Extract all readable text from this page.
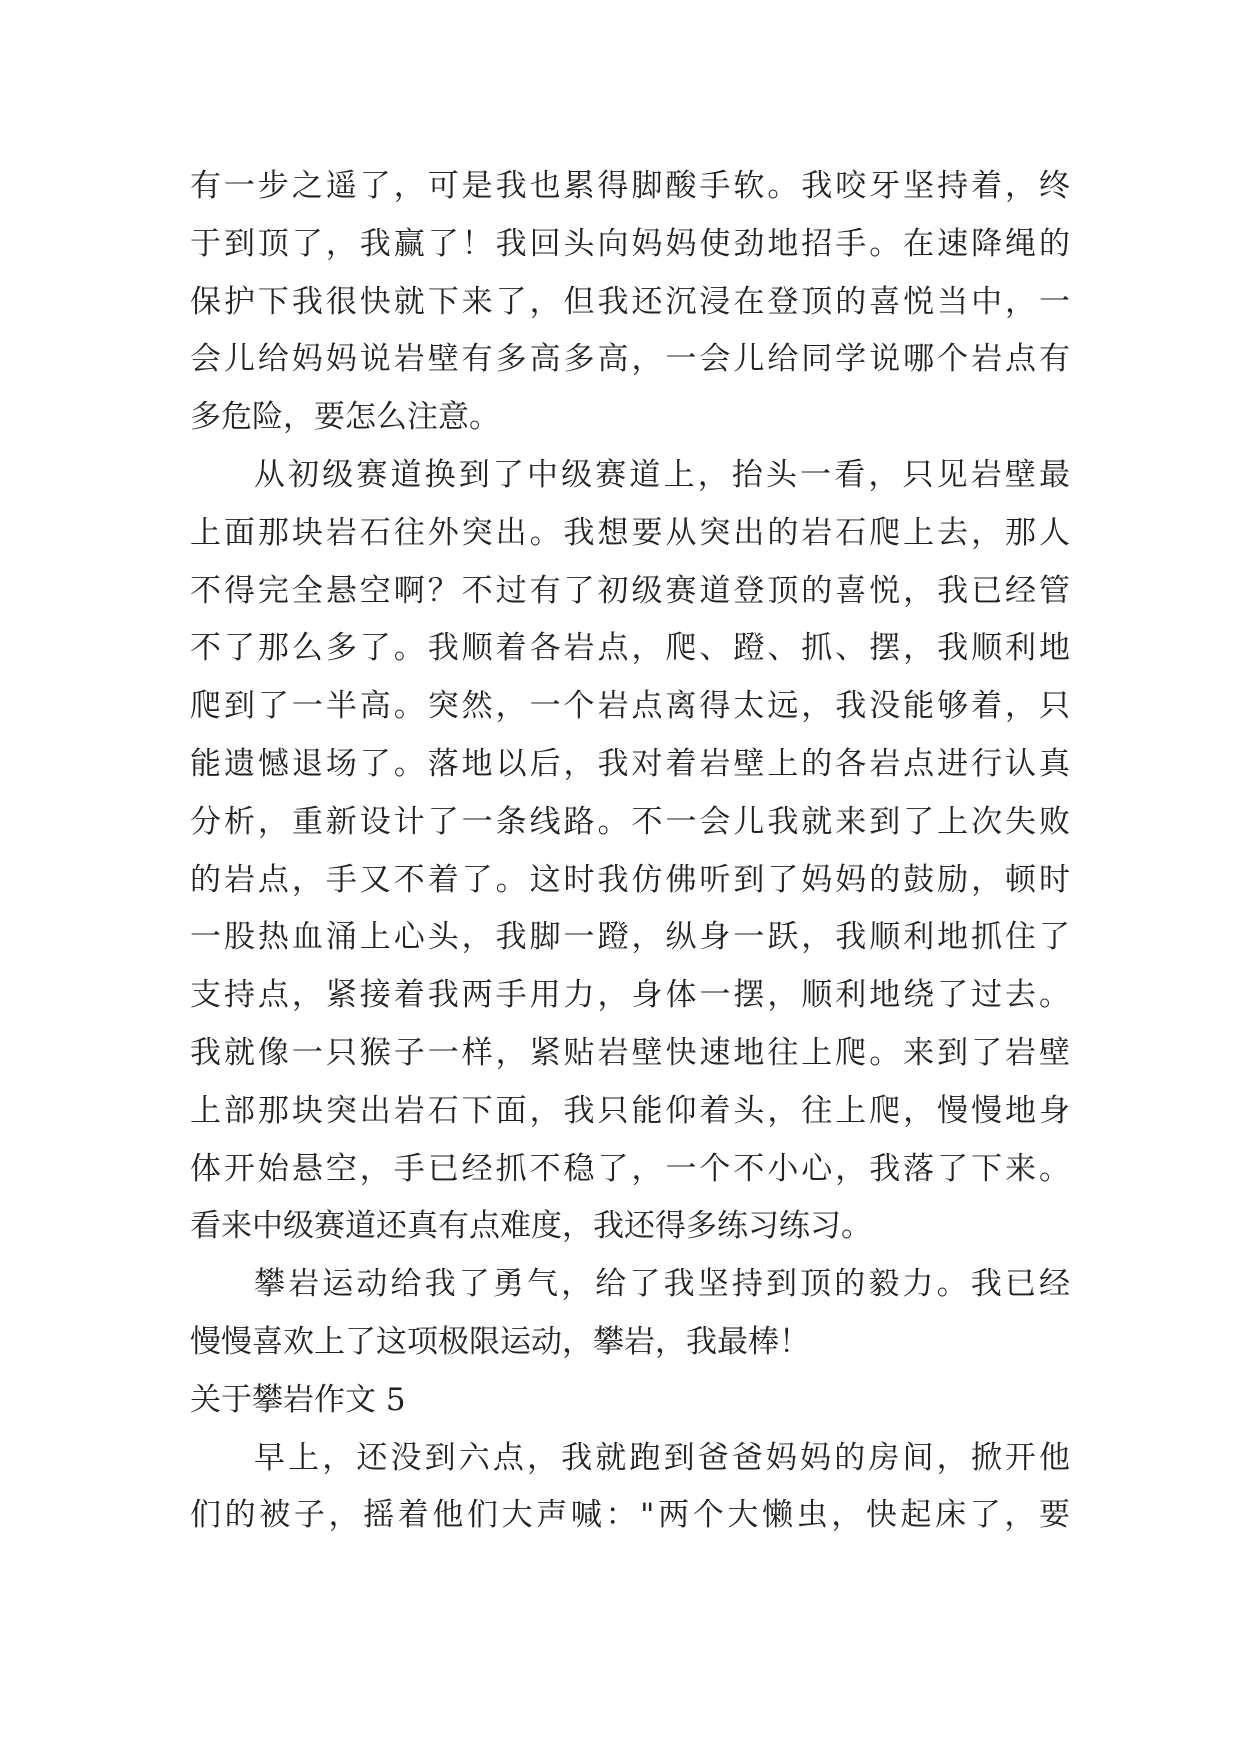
有一步之遥了，可是我也累得脚酸手软。我咬牙坚持着，终
于到顶了，我赢了！我回头向妈妈使劲地招手。在速降绳的
保护下我很快就下来了，但我还沉浸在登顶的喜悦当中，一
会儿给妈妈说岩壁有多高多高，一会儿给同学说哪个岩点有
多危险，要怎么注意。
从初级赛道换到了中级赛道上，抬头一看，只见岩壁最
上面那块岩石往外突出。我想要从突出的岩石爬上去，那人
不得完全悬空啊？不过有了初级赛道登顶的喜悦，我已经管
不了那么多了。我顺着各岩点，爬、蹬、抓、摆，我顺利地
爬到了一半高。突然，一个岩点离得太远，我没能够着，只
能遗憾退场了。落地以后，我对着岩壁上的各岩点进行认真
分析，重新设计了一条线路。不一会儿我就来到了上次失败
的岩点，手又不着了。这时我仿佛听到了妈妈的鼓励，顿时
一股热血涌上心头，我脚一蹬，纵身一跃，我顺利地抓住了
支持点，紧接着我两手用力，身体一摆，顺利地绕了过去。
我就像一只猴子一样，紧贴岩壁快速地往上爬。来到了岩壁
上部那块突出岩石下面，我只能仰着头，往上爬，慢慢地身
体开始悬空，手已经抓不稳了，一个不小心，我落了下来。
看来中级赛道还真有点难度，我还得多练习练习。
攀岩运动给我了勇气，给了我坚持到顶的毅力。我已经
慢慢喜欢上了这项极限运动，攀岩，我最棒！
关于攀岩作文 5
早上，还没到六点，我就跑到爸爸妈妈的房间，掀开他
们的被子，摇着他们大声喊："两个大懒虫，快起床了，要
